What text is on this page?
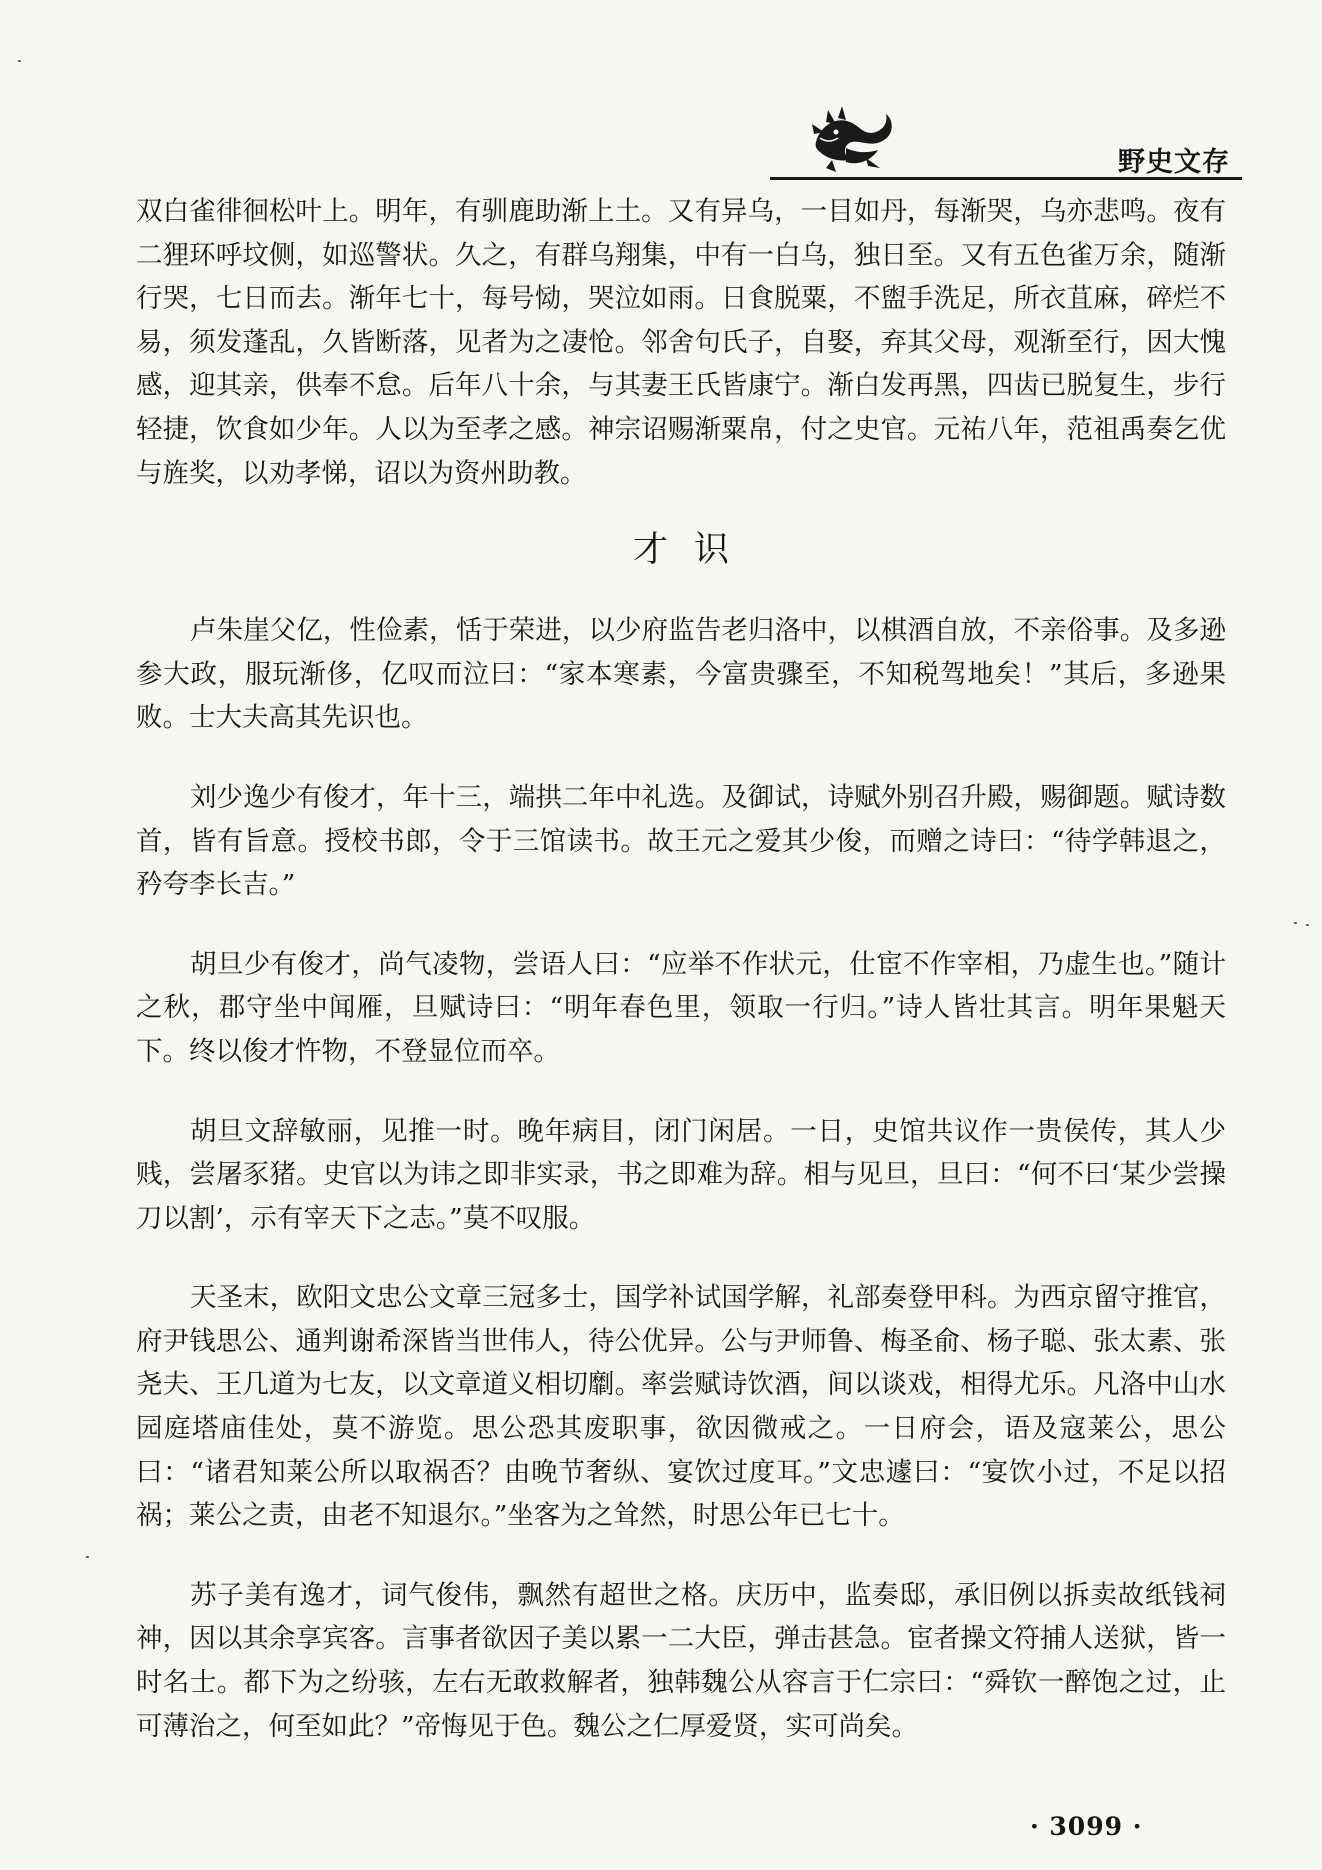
野史文存

双白雀徘徊松叶上。明年，有驯鹿助渐上土。又有异乌，一目如丹，每渐哭，乌亦悲鸣。夜有二狸环呼坟侧，如巡警状。久之，有群乌翔集，中有一白乌，独日至。又有五色雀万余，随渐行哭，七日而去。渐年七十，每号恸，哭泣如雨。日食脱粟，不盥手洗足，所衣苴麻，碎烂不易，须发蓬乱，久皆断落，见者为之凄怆。邻舍句氏子，自娶，弃其父母，观渐至行，因大愧感，迎其亲，供奉不怠。后年八十余，与其妻王氏皆康宁。渐白发再黑，四齿已脱复生，步行轻捷，饮食如少年。人以为至孝之感。神宗诏赐渐粟帛，付之史官。元祐八年，范祖禹奏乞优与旌奖，以劝孝悌，诏以为资州助教。

才识

卢朱崖父亿，性俭素，恬于荣进，以少府监告老归洛中，以棋酒自放，不亲俗事。及多逊参大政，服玩渐侈，亿叹而泣曰：“家本寒素，今富贵骤至，不知税驾地矣！”其后，多逊果败。士大夫高其先识也。

刘少逸少有俊才，年十三，端拱二年中礼选。及御试，诗赋外别召升殿，赐御题。赋诗数首，皆有旨意。授校书郎，令于三馆读书。故王元之爱其少俊，而赠之诗曰：“待学韩退之，矜夸李长吉。”

胡旦少有俊才，尚气凌物，尝语人曰：“应举不作状元，仕宦不作宰相，乃虚生也。”随计之秋，郡守坐中闻雁，旦赋诗曰：“明年春色里，领取一行归。”诗人皆壮其言。明年果魁天下。终以俊才忤物，不登显位而卒。

胡旦文辞敏丽，见推一时。晚年病目，闭门闲居。一日，史馆共议作一贵侯传，其人少贱，尝屠豕猪。史官以为讳之即非实录，书之即难为辞。相与见旦，旦曰：“何不曰‘某少尝操刀以割’，示有宰天下之志。”莫不叹服。

天圣末，欧阳文忠公文章三冠多士，国学补试国学解，礼部奏登甲科。为西京留守推官，府尹钱思公、通判谢希深皆当世伟人，待公优异。公与尹师鲁、梅圣俞、杨子聪、张太素、张尧夫、王几道为七友，以文章道义相切劘。率尝赋诗饮酒，间以谈戏，相得尤乐。凡洛中山水园庭塔庙佳处，莫不游览。思公恐其废职事，欲因微戒之。一日府会，语及寇莱公，思公曰：“诸君知莱公所以取祸否？由晚节奢纵、宴饮过度耳。”文忠遽曰：“宴饮小过，不足以招祸；莱公之责，由老不知退尔。”坐客为之耸然，时思公年已七十。

苏子美有逸才，词气俊伟，飘然有超世之格。庆历中，监奏邸，承旧例以拆卖故纸钱祠神，因以其余享宾客。言事者欲因子美以累一二大臣，弹击甚急。宦者操文符捕人送狱，皆一时名士。都下为之纷骇，左右无敢救解者，独韩魏公从容言于仁宗曰：“舜钦一醉饱之过，止可薄治之，何至如此？”帝悔见于色。魏公之仁厚爱贤，实可尚矣。

· 3099 ·
